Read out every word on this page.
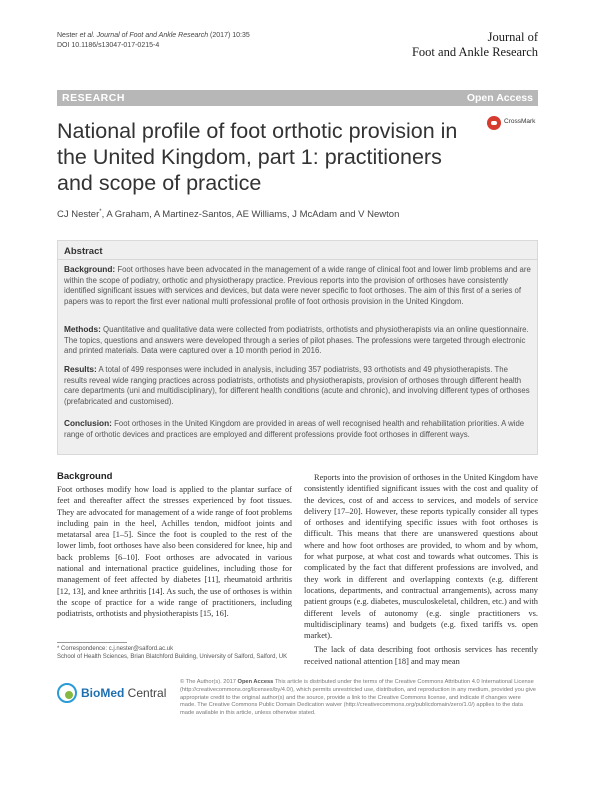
Nester et al. Journal of Foot and Ankle Research (2017) 10:35
DOI 10.1186/s13047-017-0215-4
Journal of
Foot and Ankle Research
RESEARCH	Open Access
National profile of foot orthotic provision in the United Kingdom, part 1: practitioners and scope of practice
CrossMark
CJ Nester*, A Graham, A Martinez-Santos, AE Williams, J McAdam and V Newton
Abstract
Background: Foot orthoses have been advocated in the management of a wide range of clinical foot and lower limb problems and are within the scope of podiatry, orthotic and physiotherapy practice. Previous reports into the provision of orthoses have consistently identified significant issues with services and devices, but data were never specific to foot orthoses. The aim of this first of a series of papers was to report the first ever national multi professional profile of foot orthosis provision in the United Kingdom.
Methods: Quantitative and qualitative data were collected from podiatrists, orthotists and physiotherapists via an online questionnaire. The topics, questions and answers were developed through a series of pilot phases. The professions were targeted through electronic and printed materials. Data were captured over a 10 month period in 2016.
Results: A total of 499 responses were included in analysis, including 357 podiatrists, 93 orthotists and 49 physiotherapists. The results reveal wide ranging practices across podiatrists, orthotists and physiotherapists, provision of orthoses through different health care departments (uni and multidisciplinary), for different health conditions (acute and chronic), and involving different types of orthoses (prefabricated and customised).
Conclusion: Foot orthoses in the United Kingdom are provided in areas of well recognised health and rehabilitation priorities. A wide range of orthotic devices and practices are employed and different professions provide foot orthoses in different ways.
Background

Foot orthoses modify how load is applied to the plantar surface of feet and thereafter affect the stresses experienced by foot tissues. They are advocated for management of a wide range of foot problems including pain in the heel, Achilles tendon, midfoot joints and metatarsal area [1–5]. Since the foot is coupled to the rest of the lower limb, foot orthoses have also been considered for knee, hip and back problems [6–10]. Foot orthoses are advocated in various national and international practice guidelines, including those for management of feet affected by diabetes [11], rheumatoid arthritis [12, 13], and knee arthritis [14]. As such, the use of orthoses is within the scope of practice for a wide range of practitioners, including podiatrists, orthotists and physiotherapists [15, 16].

Reports into the provision of orthoses in the United Kingdom have consistently identified significant issues with the cost and quality of the devices, cost of and access to services, and models of service delivery [17–20]. However, these reports typically consider all types of orthoses and identifying specific issues with foot orthoses is difficult. This means that there are unanswered questions about where and how foot orthoses are provided, to whom and by whom, for what purpose, at what cost and towards what outcomes. This is complicated by the fact that different professions are involved, and they work in different and overlapping contexts (e.g. different locations, departments, and contractual arrangements), across many patient groups (e.g. diabetes, musculoskeletal, children, etc.) and with different levels of autonomy (e.g. single practitioners vs. multidisciplinary teams) and budgets (e.g. fixed tariffs vs. open market).

The lack of data describing foot orthosis services has recently received national attention [18] and may mean

* Correspondence: c.j.nester@salford.ac.uk
School of Health Sciences, Brian Blatchford Building, University of Salford, Salford, UK
BioMed Central
© The Author(s). 2017 Open Access This article is distributed under the terms of the Creative Commons Attribution 4.0 International License (http://creativecommons.org/licenses/by/4.0/), which permits unrestricted use, distribution, and reproduction in any medium, provided you give appropriate credit to the original author(s) and the source, provide a link to the Creative Commons license, and indicate if changes were made. The Creative Commons Public Domain Dedication waiver (http://creativecommons.org/publicdomain/zero/1.0/) applies to the data made available in this article, unless otherwise stated.
